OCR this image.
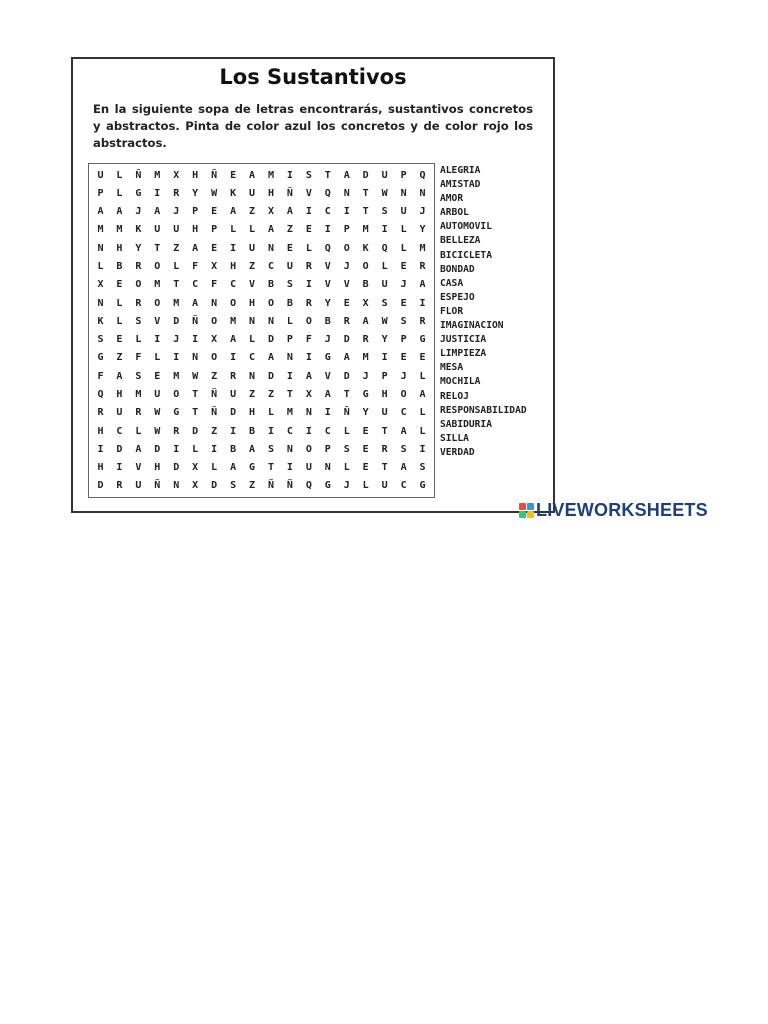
Los Sustantivos
En la siguiente sopa de letras encontrarás, sustantivos concretos y abstractos. Pinta de color azul los concretos y de color rojo los abstractos.
U	L	Ñ	M	X	H	Ñ	E	A	M	I	S	T	A	D	U	P	Q
P	L	G	I	R	Y	W	K	U	H	Ñ	V	Q	N	T	W	N	N
A	A	J	A	J	P	E	A	Z	X	A	I	C	I	T	S	U	J
M	M	K	U	U	H	P	L	L	A	Z	E	I	P	M	I	L	Y
N	H	Y	T	Z	A	E	I	U	N	E	L	Q	O	K	Q	L	M
L	B	R	O	L	F	X	H	Z	C	U	R	V	J	O	L	E	R
X	E	O	M	T	C	F	C	V	B	S	I	V	V	B	U	J	A
N	L	R	O	M	A	N	O	H	O	B	R	Y	E	X	S	E	I
K	L	S	V	D	Ñ	O	M	N	N	L	O	B	R	A	W	S	R
S	E	L	I	J	I	X	A	L	D	P	F	J	D	R	Y	P	G
G	Z	F	L	I	N	O	I	C	A	N	I	G	A	M	I	E	E
F	A	S	E	M	W	Z	R	N	D	I	A	V	D	J	P	J	L
Q	H	M	U	O	T	Ñ	U	Z	Z	T	X	A	T	G	H	O	A
R	U	R	W	G	T	Ñ	D	H	L	M	N	I	Ñ	Y	U	C	L
H	C	L	W	R	D	Z	I	B	I	C	I	C	L	E	T	A	L
I	D	A	D	I	L	I	B	A	S	N	O	P	S	E	R	S	I
H	I	V	H	D	X	L	A	G	T	I	U	N	L	E	T	A	S
D	R	U	Ñ	N	X	D	S	Z	Ñ	Ñ	Q	G	J	L	U	C	G
ALEGRIA
AMISTAD
AMOR
ARBOL
AUTOMOVIL
BELLEZA
BICICLETA
BONDAD
CASA
ESPEJO
FLOR
IMAGINACION
JUSTICIA
LIMPIEZA
MESA
MOCHILA
RELOJ
RESPONSABILIDAD
SABIDURIA
SILLA
VERDAD
LIVEWORKSHEETS
